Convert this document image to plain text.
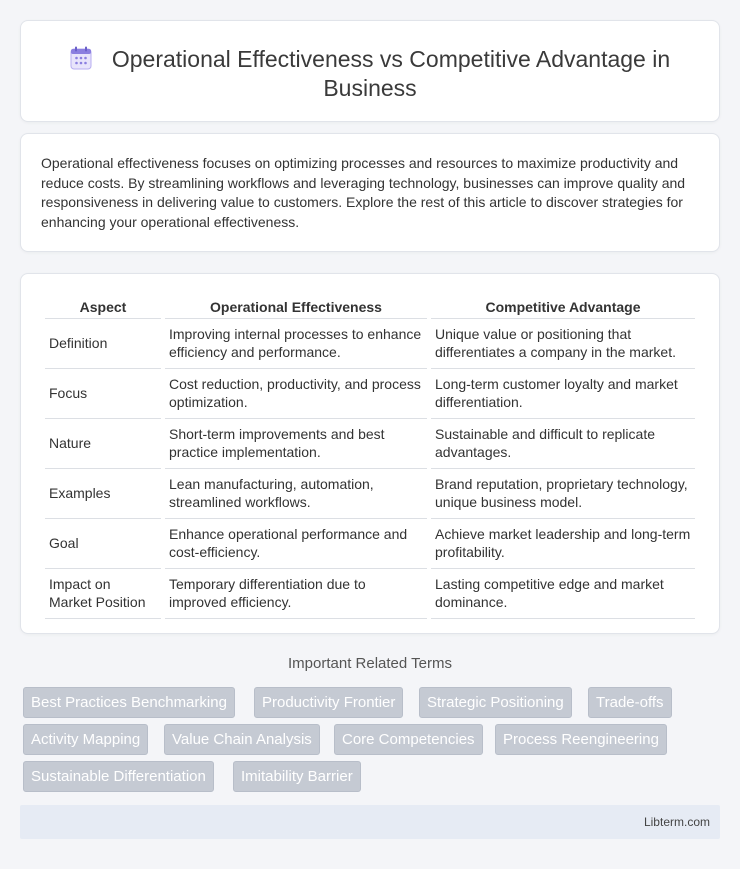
Operational Effectiveness vs Competitive Advantage in Business

Operational effectiveness focuses on optimizing processes and resources to maximize productivity and reduce costs. By streamlining workflows and leveraging technology, businesses can improve quality and responsiveness in delivering value to customers. Explore the rest of this article to discover strategies for enhancing your operational effectiveness.

Aspect	Operational Effectiveness	Competitive Advantage
Definition	Improving internal processes to enhance efficiency and performance.	Unique value or positioning that differentiates a company in the market.
Focus	Cost reduction, productivity, and process optimization.	Long-term customer loyalty and market differentiation.
Nature	Short-term improvements and best practice implementation.	Sustainable and difficult to replicate advantages.
Examples	Lean manufacturing, automation, streamlined workflows.	Brand reputation, proprietary technology, unique business model.
Goal	Enhance operational performance and cost-efficiency.	Achieve market leadership and long-term profitability.
Impact on Market Position	Temporary differentiation due to improved efficiency.	Lasting competitive edge and market dominance.
Important Related Terms
Best Practices Benchmarking	Productivity Frontier	Strategic Positioning	Trade-offs
Activity Mapping	Value Chain Analysis	Core Competencies	Process Reengineering
Sustainable Differentiation	Imitability Barrier
Libterm.com
